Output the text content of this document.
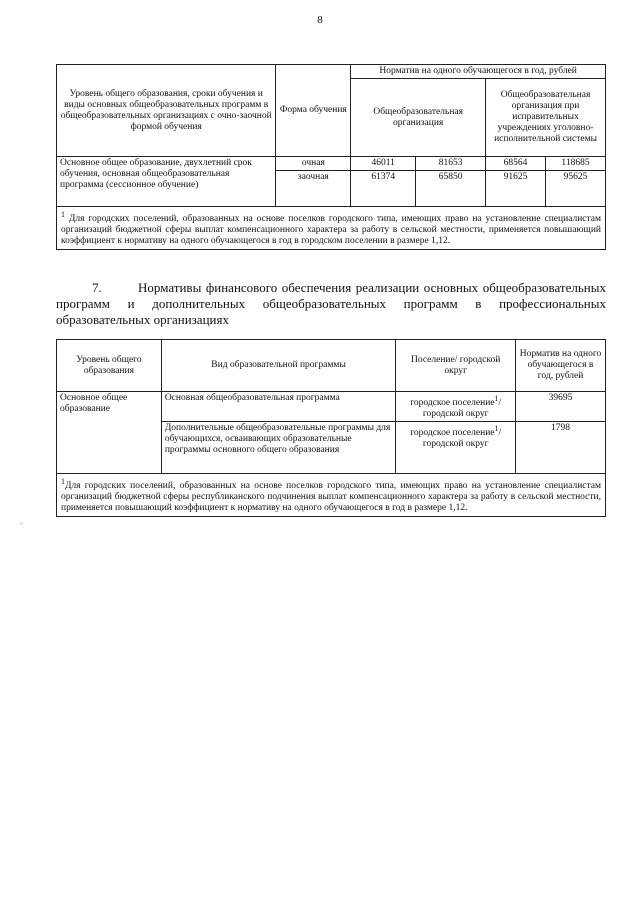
8
Уровень общего образования, сроки обучения и виды основных общеобразовательных программ в общеобразовательных организациях с очно-заочной формой обучения	Форма обучения	Норматив на одного обучающегося в год, рублей			
		Общеобразовательная организация		Общеобразовательная организация при исправительных учреждениях уголовно-исполнительной системы	
Основное общее образование, двухлетний срок обучения, основная общеобразовательная программа (сессионное обучение)	очная	46011	81653	68564	118685
	заочная	61374	65850	91625	95625
$^1$ Для городских поселений, образованных на основе поселков городского типа, имеющих право на установление специалистам организаций бюджетной сферы выплат компенсационного характера за работу в сельской местности, применяется повышающий коэффициент к нормативу на одного обучающегося в год в городском поселении в размере 1,12.					
7.	Нормативы финансового обеспечения реализации основных общеобразовательных программ и дополнительных общеобразовательных программ в профессиональных образовательных организациях
Уровень общего образования	Вид образовательной программы	Поселение/ городской округ	Норматив на одного обучающегося в год, рублей
Основное общее образование	Основная общеобразовательная программа	городское поселение$^1$/ городской округ	39695
	Дополнительные общеобразовательные программы для обучающихся, осваивающих образовательные программы основного общего образования	городское поселение$^1$/ городской округ	1798
$^1$Для городских поселений, образованных на основе поселков городского типа, имеющих право на установление специалистам организаций бюджетной сферы республиканского подчинения выплат компенсационного характера за работу в сельской местности, применяется повышающий коэффициент к нормативу на одного обучающегося в год в размере 1,12.			
-
